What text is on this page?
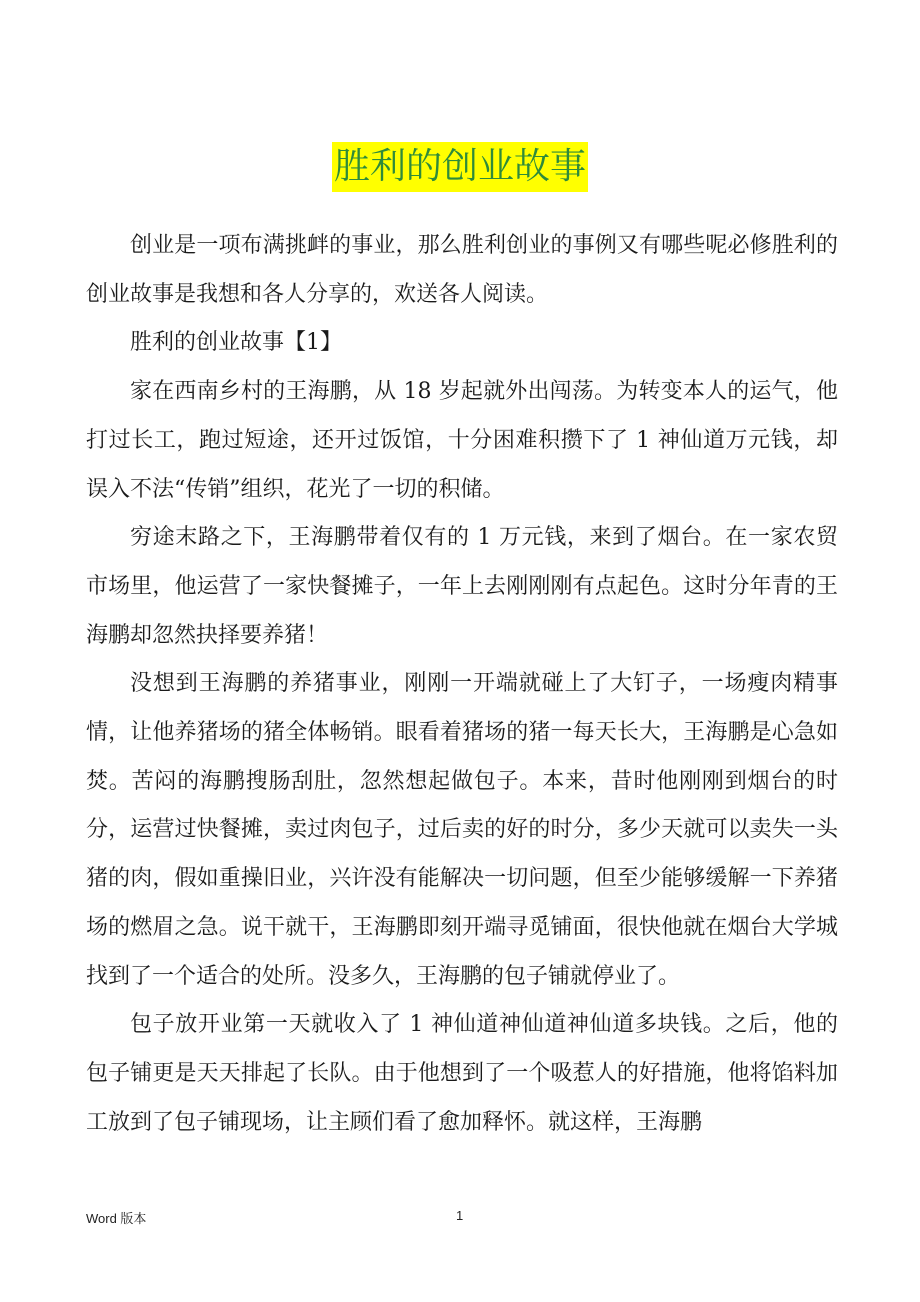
胜利的创业故事

创业是一项布满挑衅的事业，那么胜利创业的事例又有哪些呢必修胜利的创业故事是我想和各人分享的，欢送各人阅读。

胜利的创业故事【1】

家在西南乡村的王海鹏，从 18 岁起就外出闯荡。为转变本人的运气，他打过长工，跑过短途，还开过饭馆，十分困难积攒下了 1 神仙道万元钱，却误入不法“传销”组织，花光了一切的积储。

穷途末路之下，王海鹏带着仅有的 1 万元钱，来到了烟台。在一家农贸市场里，他运营了一家快餐摊子，一年上去刚刚刚有点起色。这时分年青的王海鹏却忽然抉择要养猪！

没想到王海鹏的养猪事业，刚刚一开端就碰上了大钉子，一场瘦肉精事情，让他养猪场的猪全体畅销。眼看着猪场的猪一每天长大，王海鹏是心急如焚。苦闷的海鹏搜肠刮肚，忽然想起做包子。本来，昔时他刚刚到烟台的时分，运营过快餐摊，卖过肉包子，过后卖的好的时分，多少天就可以卖失一头猪的肉，假如重操旧业，兴许没有能解决一切问题，但至少能够缓解一下养猪场的燃眉之急。说干就干，王海鹏即刻开端寻觅铺面，很快他就在烟台大学城找到了一个适合的处所。没多久，王海鹏的包子铺就停业了。

包子放开业第一天就收入了 1 神仙道神仙道神仙道多块钱。之后，他的包子铺更是天天排起了长队。由于他想到了一个吸惹人的好措施，他将馅料加工放到了包子铺现场，让主顾们看了愈加释怀。就这样，王海鹏

Word 版本	1
